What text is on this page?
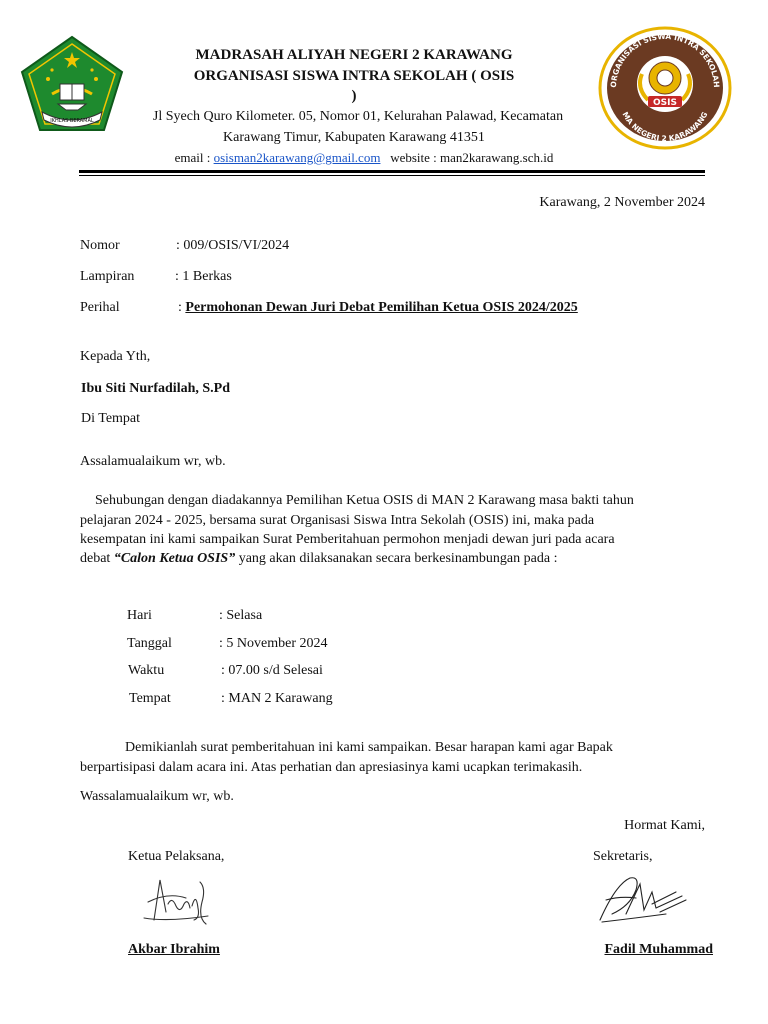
IKHLAS BERAMAL
ORGANISASI SISWA INTRA SEKOLAH
MA NEGERI 2 KARAWANG
OSIS
MADRASAH ALIYAH NEGERI 2 KARAWANG
ORGANISASI SISWA INTRA SEKOLAH ( OSIS
)
Jl Syech Quro Kilometer. 05, Nomor 01, Kelurahan Palawad, Kecamatan
Karawang Timur, Kabupaten Karawang 41351
email : osisman2karawang@gmail.com website : man2karawang.sch.id
Karawang, 2 November 2024
Nomor	: 009/OSIS/VI/2024
Lampiran	: 1 Berkas
Perihal	: Permohonan Dewan Juri Debat Pemilihan Ketua OSIS 2024/2025
Kepada Yth,
Ibu Siti Nurfadilah, S.Pd
Di Tempat
Assalamualaikum wr, wb.
Sehubungan dengan diadakannya Pemilihan Ketua OSIS di MAN 2 Karawang masa bakti tahun
pelajaran 2024 - 2025, bersama surat Organisasi Siswa Intra Sekolah (OSIS) ini, maka pada
kesempatan ini kami sampaikan Surat Pemberitahuan permohon menjadi dewan juri pada acara
debat “Calon Ketua OSIS” yang akan dilaksanakan secara berkesinambungan pada :
Hari	: Selasa
Tanggal	: 5 November 2024
Waktu	: 07.00 s/d Selesai
Tempat	: MAN 2 Karawang
Demikianlah surat pemberitahuan ini kami sampaikan. Besar harapan kami agar Bapak
berpartisipasi dalam acara ini. Atas perhatian dan apresiasinya kami ucapkan terimakasih.
Wassalamualaikum wr, wb.
Hormat Kami,
Ketua Pelaksana,	Sekretaris,
Akbar Ibrahim	Fadil Muhammad
